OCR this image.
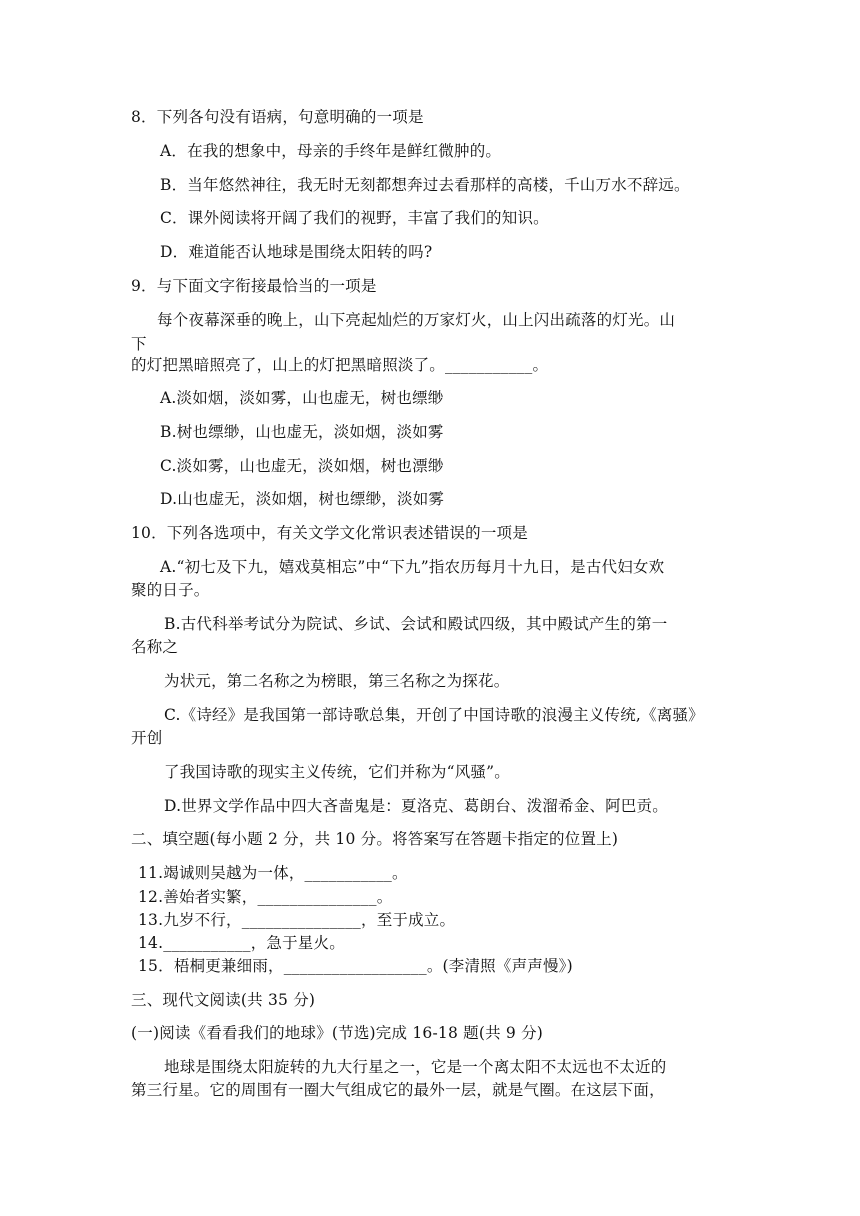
8．下列各句没有语病，句意明确的一项是
A．在我的想象中，母亲的手终年是鲜红微肿的。
B．当年悠然神往，我无时无刻都想奔过去看那样的高楼，千山万水不辞远。
C．课外阅读将开阔了我们的视野，丰富了我们的知识。
D．难道能否认地球是围绕太阳转的吗?
9．与下面文字衔接最恰当的一项是
每个夜幕深垂的晚上，山下亮起灿烂的万家灯火，山上闪出疏落的灯光。山
下
的灯把黑暗照亮了，山上的灯把黑暗照淡了。___________。
A.淡如烟，淡如雾，山也虚无，树也缥缈
B.树也缥缈，山也虚无，淡如烟，淡如雾
C.淡如雾，山也虚无，淡如烟，树也漂缈
D.山也虚无，淡如烟，树也缥缈，淡如雾
10．下列各选项中，有关文学文化常识表述错误的一项是
A.“初七及下九，嬉戏莫相忘”中“下九”指农历每月十九日，是古代妇女欢
聚的日子。
B.古代科举考试分为院试、乡试、会试和殿试四级，其中殿试产生的第一
名称之
为状元，第二名称之为榜眼，第三名称之为探花。
C.《诗经》是我国第一部诗歌总集，开创了中国诗歌的浪漫主义传统,《离骚》
开创
了我国诗歌的现实主义传统，它们并称为“风骚”。
D.世界文学作品中四大吝啬鬼是：夏洛克、葛朗台、泼溜希金、阿巴贡。
二、填空题(每小题 2 分，共 10 分。将答案写在答题卡指定的位置上)
11.竭诚则吴越为一体，___________。
12.善始者实繁，_______________。
13.九岁不行，_______________，至于成立。
14.___________，急于星火。
15．梧桐更兼细雨，__________________。(李清照《声声慢》)
三、现代文阅读(共 35 分)
(一)阅读《看看我们的地球》(节选)完成 16-18 题(共 9 分)
地球是围绕太阳旋转的九大行星之一，它是一个离太阳不太远也不太近的
第三行星。它的周围有一圈大气组成它的最外一层，就是气圈。在这层下面，
